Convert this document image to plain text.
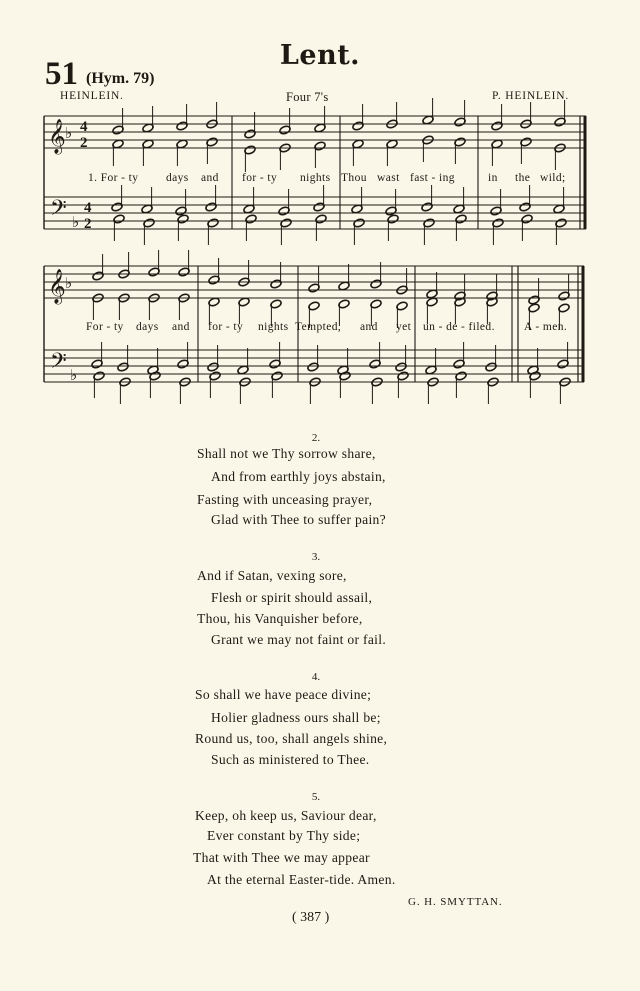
Lent.
51 (Hym. 79)
HEINLEIN.	Four 7's	P. HEINLEIN.
𝄞
𝄢
♭
♭
4
2
4
2
𝄞
𝄢
♭
♭
1. For - ty days and for - ty nights Thou wast fast - ing	in the wild;
For - ty days and for - ty nights Tempted, and yet un - de - filed.	A - men.
2.
Shall not we Thy sorrow share,
And from earthly joys abstain,
Fasting with unceasing prayer,
Glad with Thee to suffer pain?
3.
And if Satan, vexing sore,
Flesh or spirit should assail,
Thou, his Vanquisher before,
Grant we may not faint or fail.
4.
So shall we have peace divine;
Holier gladness ours shall be;
Round us, too, shall angels shine,
Such as ministered to Thee.
5.
Keep, oh keep us, Saviour dear,
Ever constant by Thy side;
That with Thee we may appear
At the eternal Easter-tide. Amen.
G. H. SMYTTAN.
( 387 )
